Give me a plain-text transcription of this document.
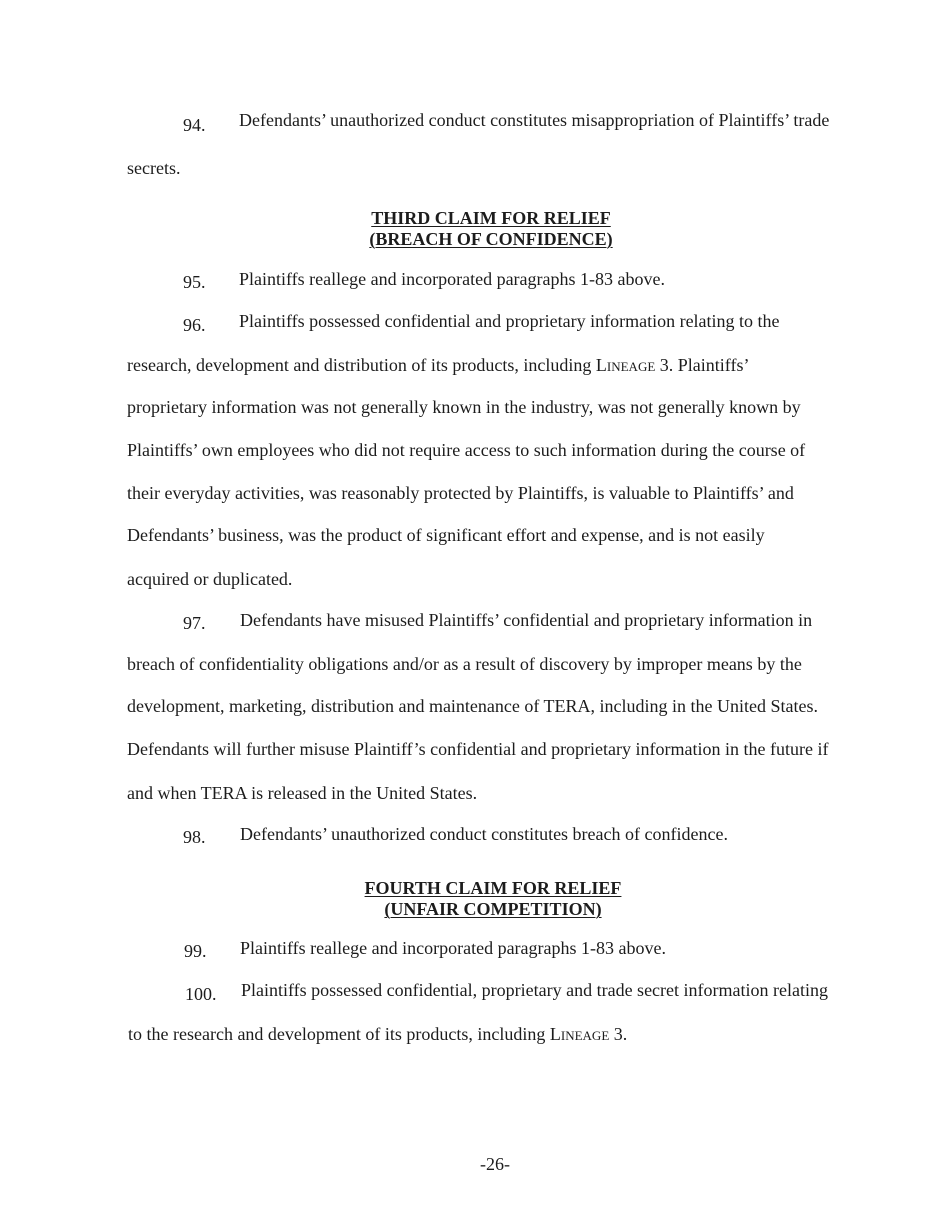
94. Defendants’ unauthorized conduct constitutes misappropriation of Plaintiffs’ trade
secrets.
THIRD CLAIM FOR RELIEF
(BREACH OF CONFIDENCE)
95. Plaintiffs reallege and incorporated paragraphs 1-83 above.
96. Plaintiffs possessed confidential and proprietary information relating to the
research, development and distribution of its products, including Lineage 3. Plaintiffs’
proprietary information was not generally known in the industry, was not generally known by
Plaintiffs’ own employees who did not require access to such information during the course of
their everyday activities, was reasonably protected by Plaintiffs, is valuable to Plaintiffs’ and
Defendants’ business, was the product of significant effort and expense, and is not easily
acquired or duplicated.
97. Defendants have misused Plaintiffs’ confidential and proprietary information in
breach of confidentiality obligations and/or as a result of discovery by improper means by the
development, marketing, distribution and maintenance of TERA, including in the United States.
Defendants will further misuse Plaintiff’s confidential and proprietary information in the future if
and when TERA is released in the United States.
98. Defendants’ unauthorized conduct constitutes breach of confidence.
FOURTH CLAIM FOR RELIEF
(UNFAIR COMPETITION)
99. Plaintiffs reallege and incorporated paragraphs 1-83 above.
100. Plaintiffs possessed confidential, proprietary and trade secret information relating
to the research and development of its products, including Lineage 3.
-26-
